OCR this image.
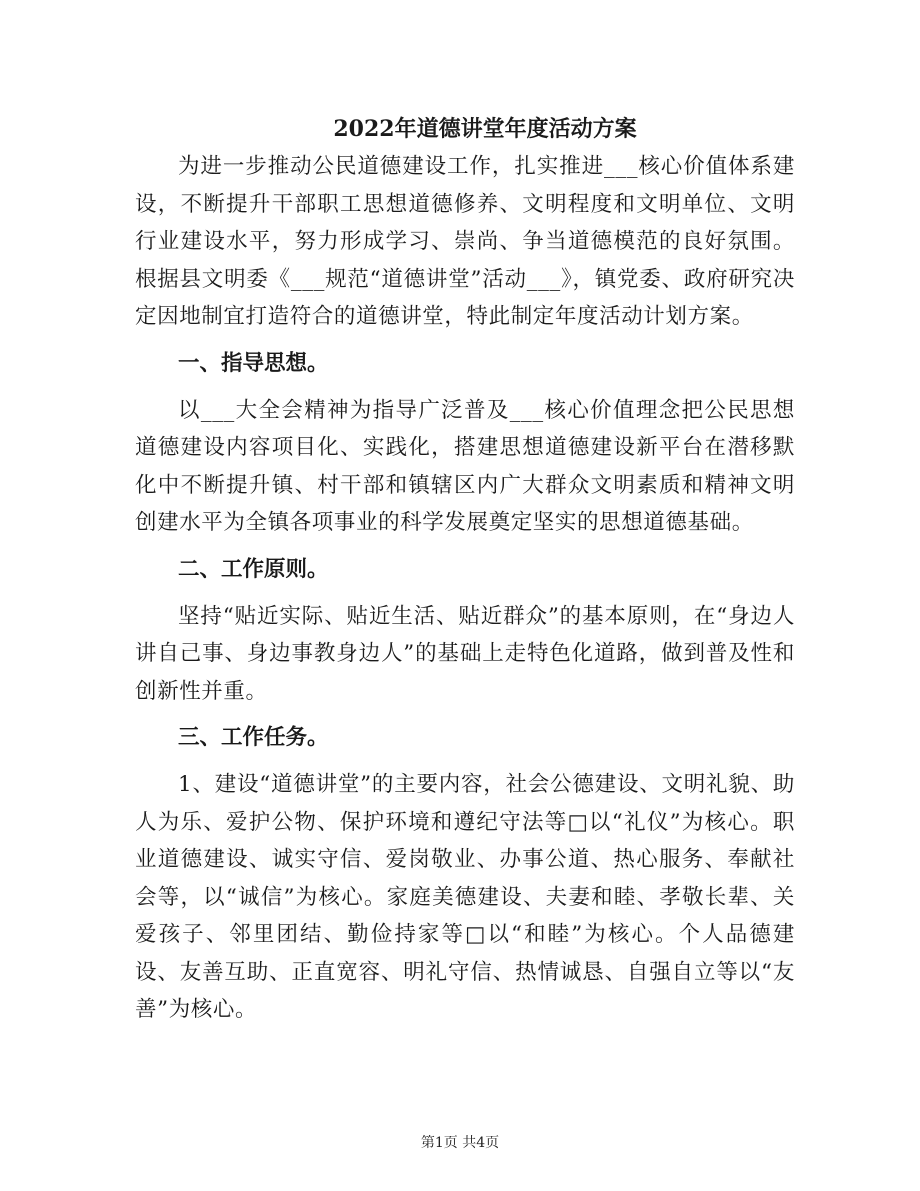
2022年道德讲堂年度活动方案

为进一步推动公民道德建设工作，扎实推进___核心价值体系建设，不断提升干部职工思想道德修养、文明程度和文明单位、文明行业建设水平，努力形成学习、崇尚、争当道德模范的良好氛围。根据县文明委《___规范“道德讲堂”活动___》，镇党委、政府研究决定因地制宜打造符合的道德讲堂，特此制定年度活动计划方案。

一、指导思想。

以___大全会精神为指导广泛普及___核心价值理念把公民思想道德建设内容项目化、实践化，搭建思想道德建设新平台在潜移默化中不断提升镇、村干部和镇辖区内广大群众文明素质和精神文明创建水平为全镇各项事业的科学发展奠定坚实的思想道德基础。

二、工作原则。

坚持“贴近实际、贴近生活、贴近群众”的基本原则，在“身边人讲自己事、身边事教身边人”的基础上走特色化道路，做到普及性和创新性并重。

三、工作任务。

1、建设“道德讲堂”的主要内容，社会公德建设、文明礼貌、助人为乐、爱护公物、保护环境和遵纪守法等□以“礼仪”为核心。职业道德建设、诚实守信、爱岗敬业、办事公道、热心服务、奉献社会等，以“诚信”为核心。家庭美德建设、夫妻和睦、孝敬长辈、关爱孩子、邻里团结、勤俭持家等□以“和睦”为核心。个人品德建设、友善互助、正直宽容、明礼守信、热情诚恳、自强自立等以“友善”为核心。

第1页 共4页
